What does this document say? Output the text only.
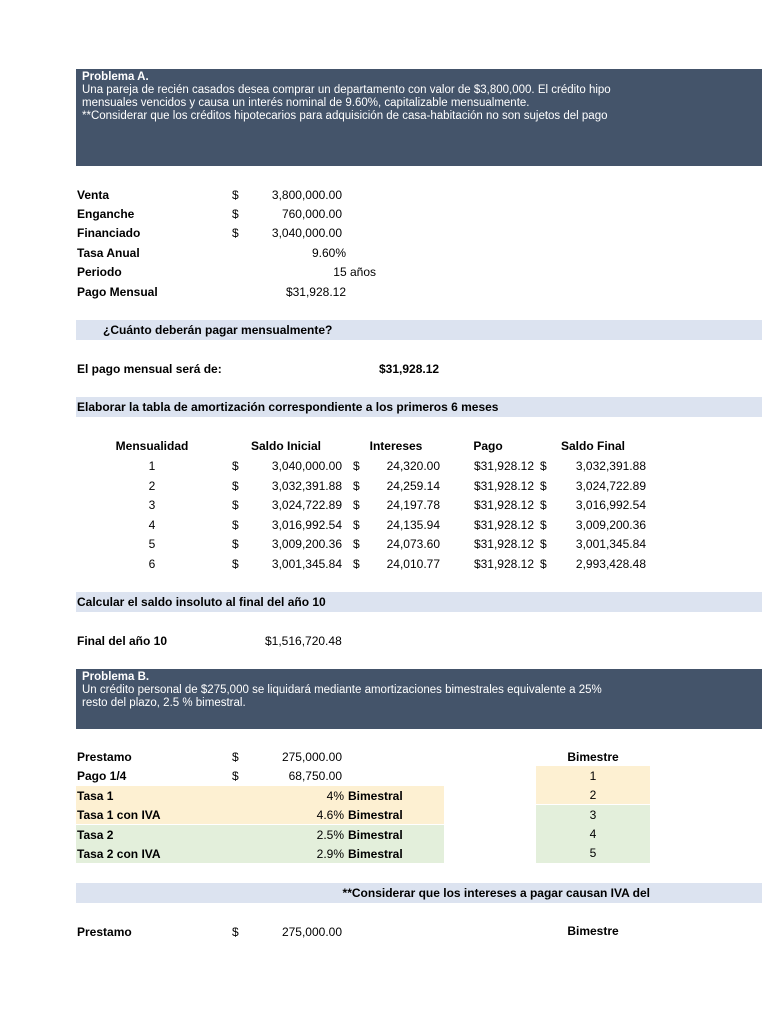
Problema A.
Una pareja de recién casados desea comprar un departamento con valor de $3,800,000. El crédito hipo
mensuales vencidos y causa un interés nominal de 9.60%, capitalizable mensualmente.
**Considerar que los créditos hipotecarios para adquisición de casa-habitación no son sujetos del pago
Venta	$	3,800,000.00
Enganche	$	760,000.00
Financiado	$	3,040,000.00
Tasa Anual	9.60%
Periodo	15 años
Pago Mensual	$31,928.12
¿Cuánto deberán pagar mensualmente?
El pago mensual será de:	$31,928.12
Elaborar la tabla de amortización correspondiente a los primeros 6 meses
Mensualidad	Saldo Inicial	Intereses	Pago	Saldo Final
1	$	3,040,000.00 $	24,320.00	$31,928.12 $	3,032,391.88
2	$	3,032,391.88 $	24,259.14	$31,928.12 $	3,024,722.89
3	$	3,024,722.89 $	24,197.78	$31,928.12 $	3,016,992.54
4	$	3,016,992.54 $	24,135.94	$31,928.12 $	3,009,200.36
5	$	3,009,200.36 $	24,073.60	$31,928.12 $	3,001,345.84
6	$	3,001,345.84 $	24,010.77	$31,928.12 $	2,993,428.48
Calcular el saldo insoluto al final del año 10
Final del año 10	$1,516,720.48
Problema B.
Un crédito personal de $275,000 se liquidará mediante amortizaciones bimestrales equivalente a 25%
resto del plazo, 2.5 % bimestral.
Prestamo	$	275,000.00
Pago 1/4	$	68,750.00
Tasa 1	4% Bimestral
Tasa 1 con IVA	4.6% Bimestral
Tasa 2	2.5% Bimestral
Tasa 2 con IVA	2.9% Bimestral
Bimestre
1
2
3
4
5
**Considerar que los intereses a pagar causan IVA del
Prestamo	$	275,000.00	Bimestre
